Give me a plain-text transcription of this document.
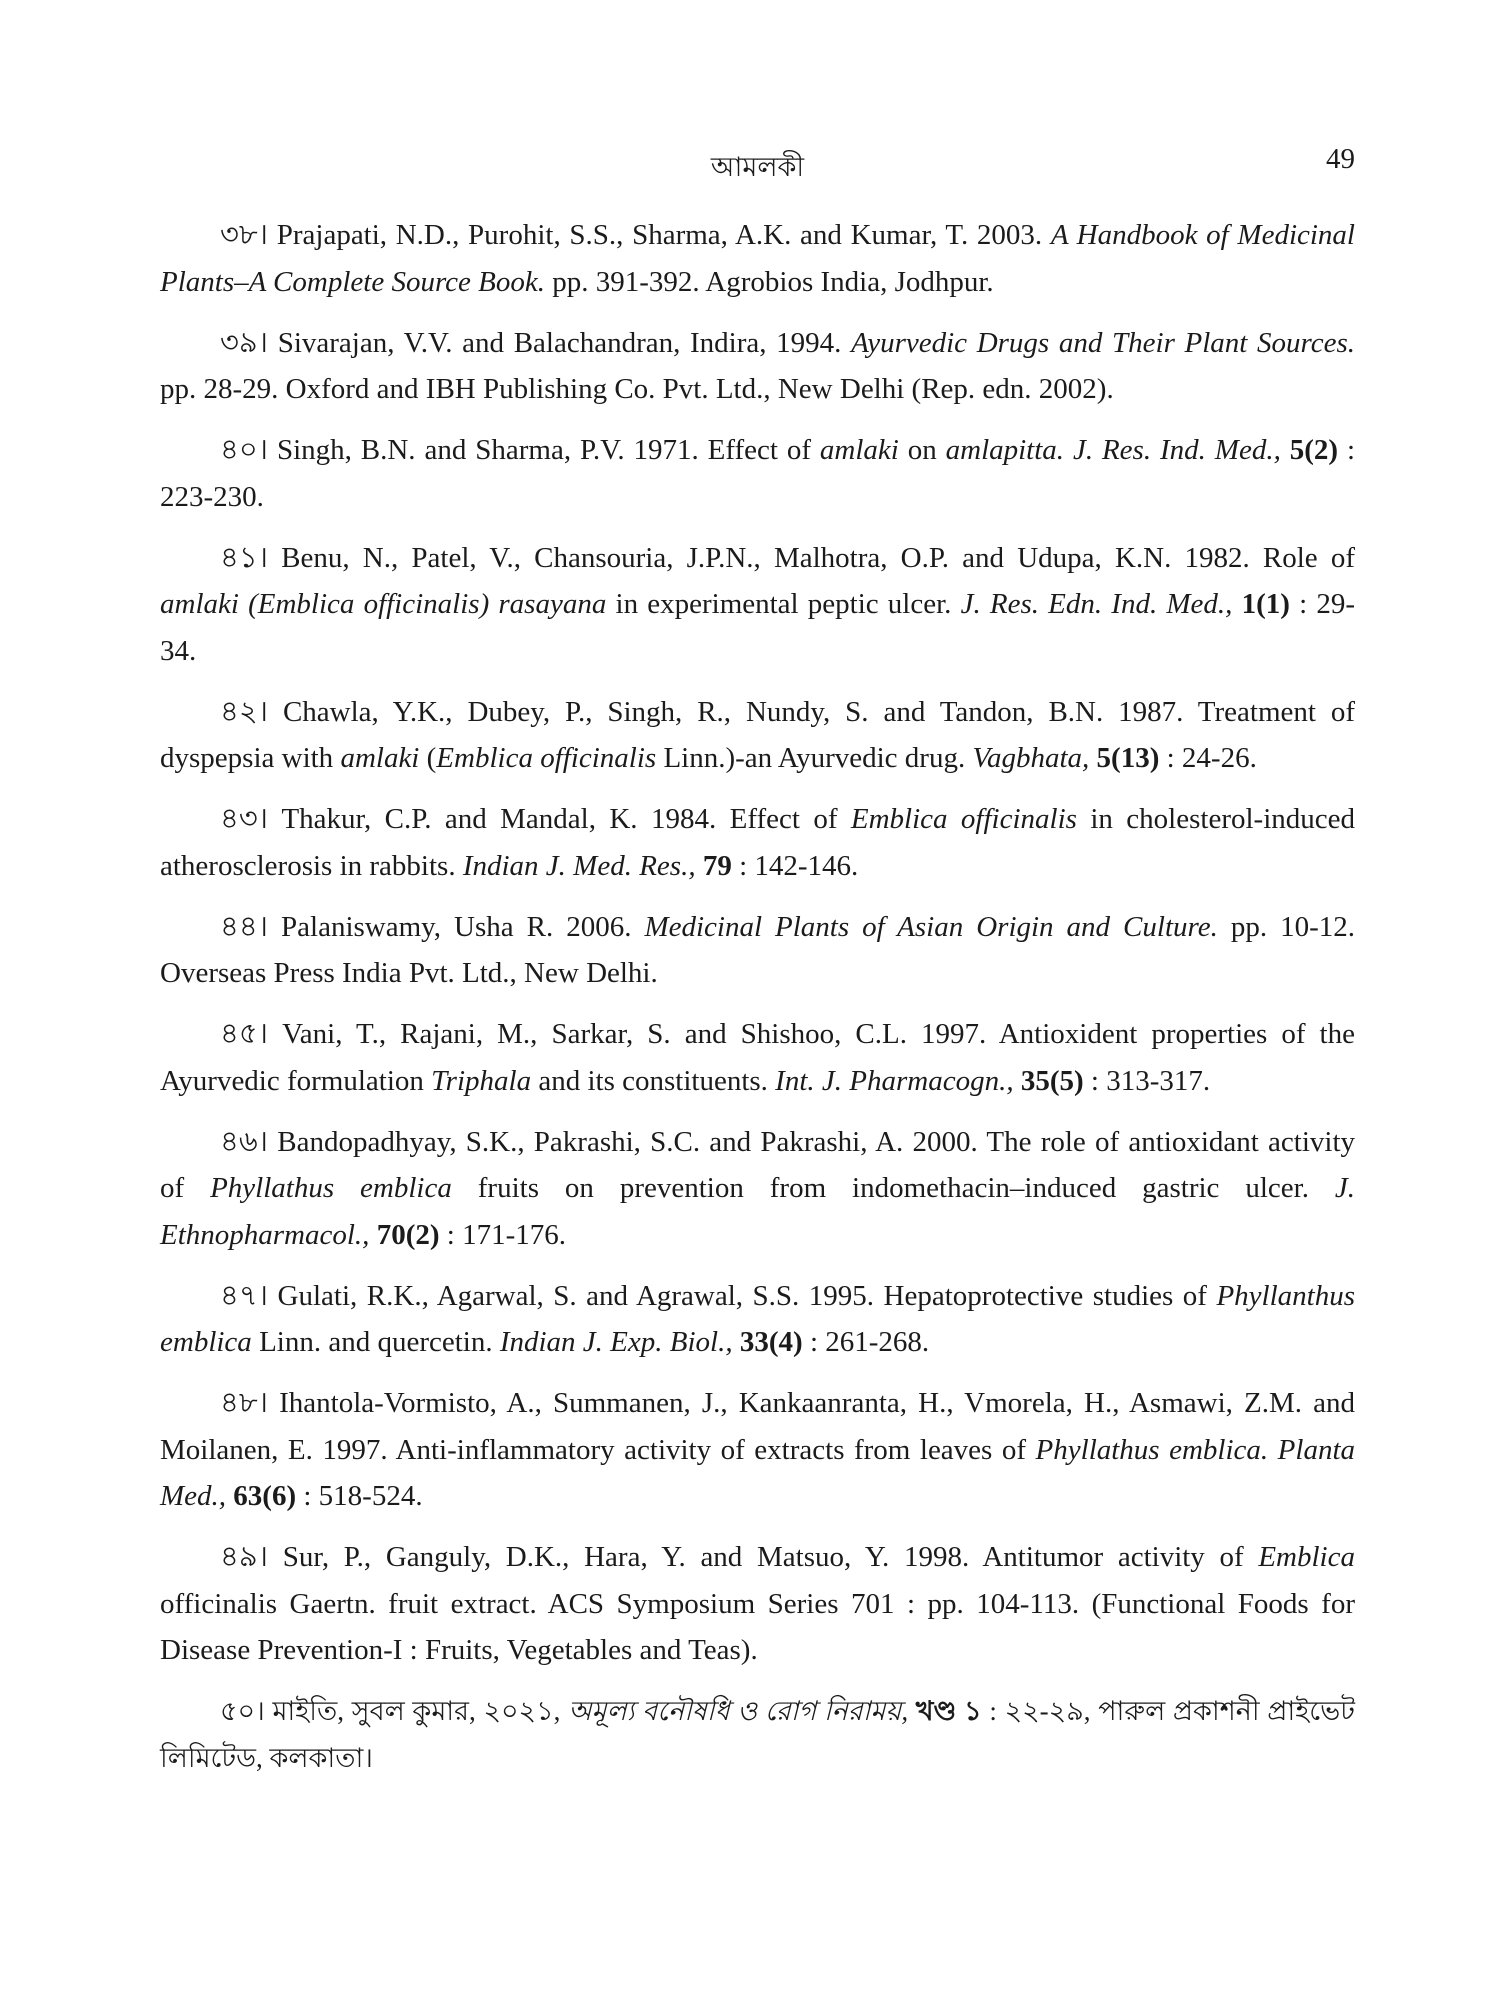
আমলকী	49

৩৮। Prajapati, N.D., Purohit, S.S., Sharma, A.K. and Kumar, T. 2003. A Handbook of Medicinal Plants–A Complete Source Book. pp. 391-392. Agrobios India, Jodhpur.

৩৯। Sivarajan, V.V. and Balachandran, Indira, 1994. Ayurvedic Drugs and Their Plant Sources. pp. 28-29. Oxford and IBH Publishing Co. Pvt. Ltd., New Delhi (Rep. edn. 2002).

৪০। Singh, B.N. and Sharma, P.V. 1971. Effect of amlaki on amlapitta. J. Res. Ind. Med., 5(2) : 223-230.

৪১। Benu, N., Patel, V., Chansouria, J.P.N., Malhotra, O.P. and Udupa, K.N. 1982. Role of amlaki (Emblica officinalis) rasayana in experimental peptic ulcer. J. Res. Edn. Ind. Med., 1(1) : 29-34.

৪২। Chawla, Y.K., Dubey, P., Singh, R., Nundy, S. and Tandon, B.N. 1987. Treatment of dyspepsia with amlaki (Emblica officinalis Linn.)-an Ayurvedic drug. Vagbhata, 5(13) : 24-26.

৪৩। Thakur, C.P. and Mandal, K. 1984. Effect of Emblica officinalis in cholesterol-induced atherosclerosis in rabbits. Indian J. Med. Res., 79 : 142-146.

৪৪। Palaniswamy, Usha R. 2006. Medicinal Plants of Asian Origin and Culture. pp. 10-12. Overseas Press India Pvt. Ltd., New Delhi.

৪৫। Vani, T., Rajani, M., Sarkar, S. and Shishoo, C.L. 1997. Antioxident properties of the Ayurvedic formulation Triphala and its constituents. Int. J. Pharmacogn., 35(5) : 313-317.

৪৬। Bandopadhyay, S.K., Pakrashi, S.C. and Pakrashi, A. 2000. The role of antioxidant activity of Phyllathus emblica fruits on prevention from indomethacin–induced gastric ulcer. J. Ethnopharmacol., 70(2) : 171-176.

৪৭। Gulati, R.K., Agarwal, S. and Agrawal, S.S. 1995. Hepatoprotective studies of Phyllanthus emblica Linn. and quercetin. Indian J. Exp. Biol., 33(4) : 261-268.

৪৮। Ihantola-Vormisto, A., Summanen, J., Kankaanranta, H., Vmorela, H., Asmawi, Z.M. and Moilanen, E. 1997. Anti-inflammatory activity of extracts from leaves of Phyllathus emblica. Planta Med., 63(6) : 518-524.

৪৯। Sur, P., Ganguly, D.K., Hara, Y. and Matsuo, Y. 1998. Antitumor activity of Emblica officinalis Gaertn. fruit extract. ACS Symposium Series 701 : pp. 104-113. (Functional Foods for Disease Prevention-I : Fruits, Vegetables and Teas).

৫০। মাইতি, সুবল কুমার, ২০২১, অমূল্য বনৌষধি ও রোগ নিরাময়, খণ্ড ১ : ২২-২৯, পারুল প্রকাশনী প্রাইভেট লিমিটেড, কলকাতা।
